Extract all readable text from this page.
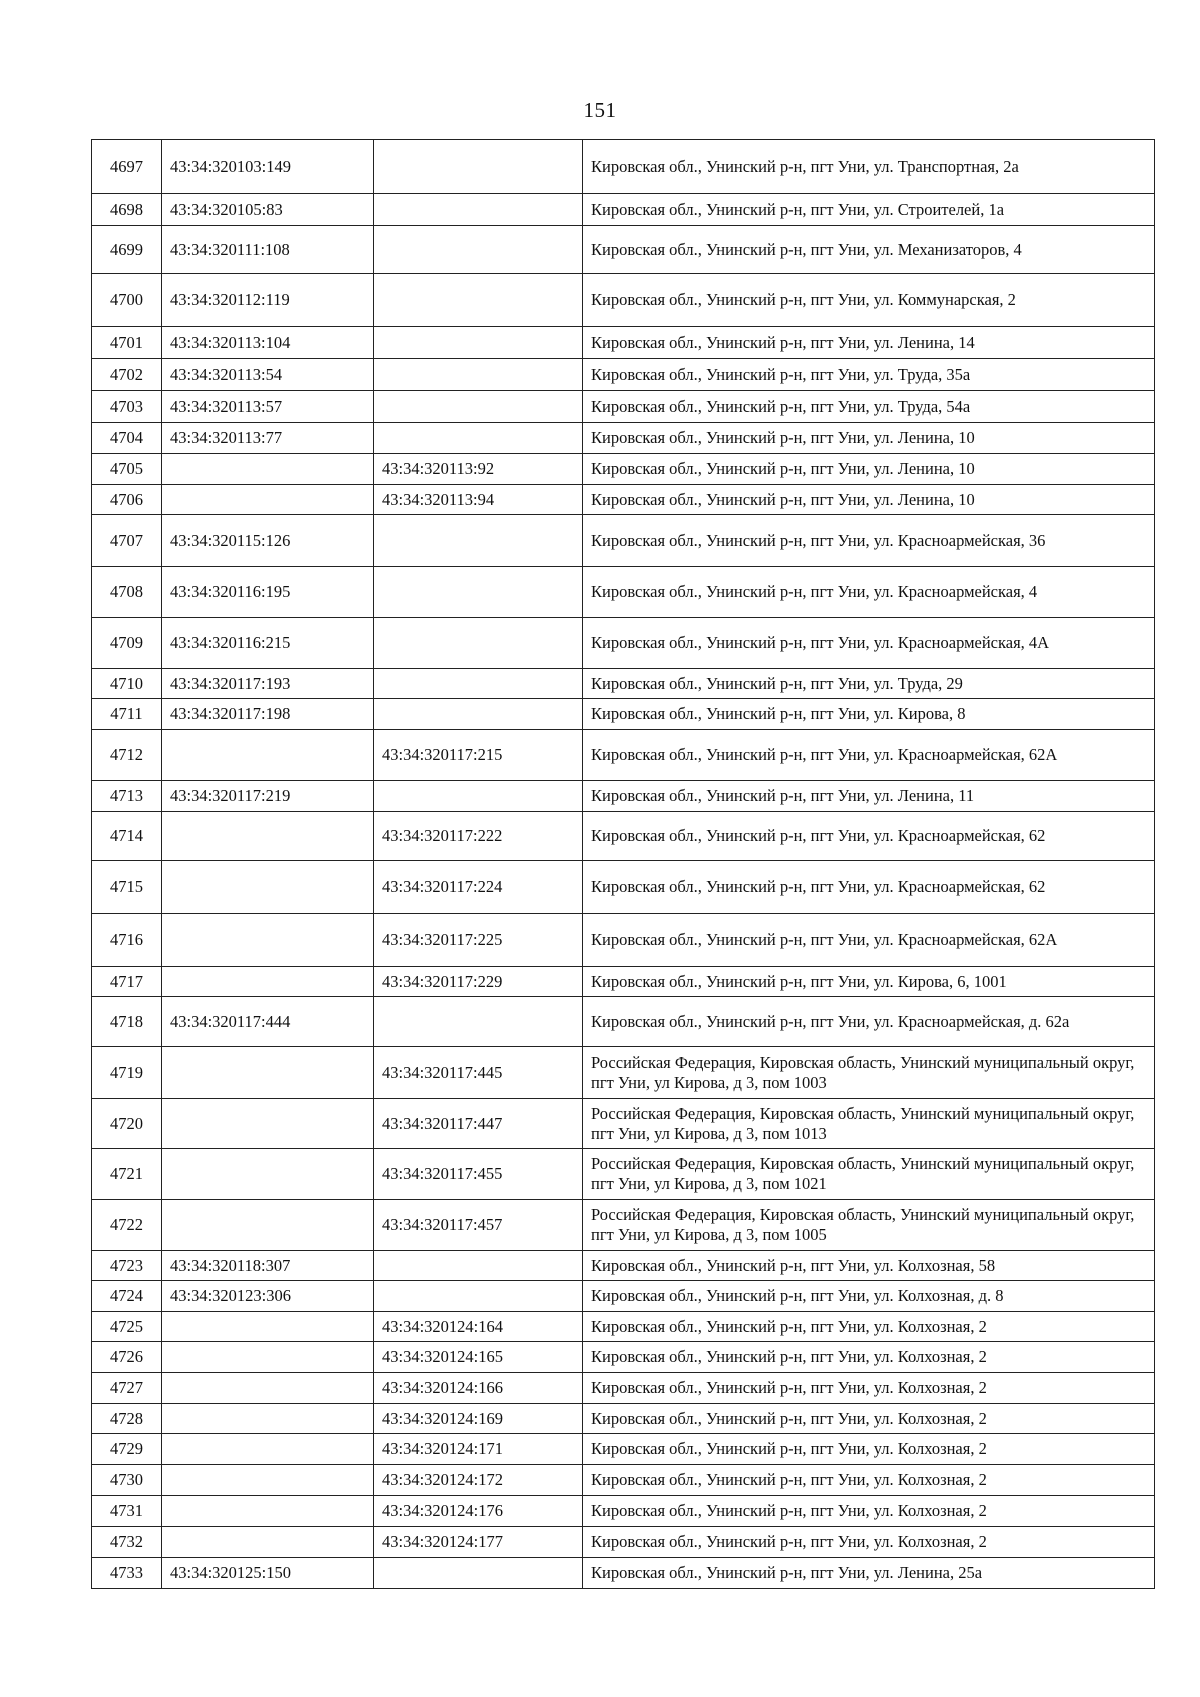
151
4697	43:34:320103:149		Кировская обл., Унинский р-н, пгт Уни, ул. Транспортная, 2а
4698	43:34:320105:83		Кировская обл., Унинский р-н, пгт Уни, ул. Строителей, 1а
4699	43:34:320111:108		Кировская обл., Унинский р-н, пгт Уни, ул. Механизаторов, 4
4700	43:34:320112:119		Кировская обл., Унинский р-н, пгт Уни, ул. Коммунарская, 2
4701	43:34:320113:104		Кировская обл., Унинский р-н, пгт Уни, ул. Ленина, 14
4702	43:34:320113:54		Кировская обл., Унинский р-н, пгт Уни, ул. Труда, 35а
4703	43:34:320113:57		Кировская обл., Унинский р-н, пгт Уни, ул. Труда, 54а
4704	43:34:320113:77		Кировская обл., Унинский р-н, пгт Уни, ул. Ленина, 10
4705		43:34:320113:92	Кировская обл., Унинский р-н, пгт Уни, ул. Ленина, 10
4706		43:34:320113:94	Кировская обл., Унинский р-н, пгт Уни, ул. Ленина, 10
4707	43:34:320115:126		Кировская обл., Унинский р-н, пгт Уни, ул. Красноармейская, 36
4708	43:34:320116:195		Кировская обл., Унинский р-н, пгт Уни, ул. Красноармейская, 4
4709	43:34:320116:215		Кировская обл., Унинский р-н, пгт Уни, ул. Красноармейская, 4А
4710	43:34:320117:193		Кировская обл., Унинский р-н, пгт Уни, ул. Труда, 29
4711	43:34:320117:198		Кировская обл., Унинский р-н, пгт Уни, ул. Кирова, 8
4712		43:34:320117:215	Кировская обл., Унинский р-н, пгт Уни, ул. Красноармейская, 62А
4713	43:34:320117:219		Кировская обл., Унинский р-н, пгт Уни, ул. Ленина, 11
4714		43:34:320117:222	Кировская обл., Унинский р-н, пгт Уни, ул. Красноармейская, 62
4715		43:34:320117:224	Кировская обл., Унинский р-н, пгт Уни, ул. Красноармейская, 62
4716		43:34:320117:225	Кировская обл., Унинский р-н, пгт Уни, ул. Красноармейская, 62А
4717		43:34:320117:229	Кировская обл., Унинский р-н, пгт Уни, ул. Кирова, 6, 1001
4718	43:34:320117:444		Кировская обл., Унинский р-н, пгт Уни, ул. Красноармейская, д. 62а
4719		43:34:320117:445	Российская Федерация, Кировская область, Унинский муниципальный округ, пгт Уни, ул Кирова, д 3, пом 1003
4720		43:34:320117:447	Российская Федерация, Кировская область, Унинский муниципальный округ, пгт Уни, ул Кирова, д 3, пом 1013
4721		43:34:320117:455	Российская Федерация, Кировская область, Унинский муниципальный округ, пгт Уни, ул Кирова, д 3, пом 1021
4722		43:34:320117:457	Российская Федерация, Кировская область, Унинский муниципальный округ, пгт Уни, ул Кирова, д 3, пом 1005
4723	43:34:320118:307		Кировская обл., Унинский р-н, пгт Уни, ул. Колхозная, 58
4724	43:34:320123:306		Кировская обл., Унинский р-н, пгт Уни, ул. Колхозная, д. 8
4725		43:34:320124:164	Кировская обл., Унинский р-н, пгт Уни, ул. Колхозная, 2
4726		43:34:320124:165	Кировская обл., Унинский р-н, пгт Уни, ул. Колхозная, 2
4727		43:34:320124:166	Кировская обл., Унинский р-н, пгт Уни, ул. Колхозная, 2
4728		43:34:320124:169	Кировская обл., Унинский р-н, пгт Уни, ул. Колхозная, 2
4729		43:34:320124:171	Кировская обл., Унинский р-н, пгт Уни, ул. Колхозная, 2
4730		43:34:320124:172	Кировская обл., Унинский р-н, пгт Уни, ул. Колхозная, 2
4731		43:34:320124:176	Кировская обл., Унинский р-н, пгт Уни, ул. Колхозная, 2
4732		43:34:320124:177	Кировская обл., Унинский р-н, пгт Уни, ул. Колхозная, 2
4733	43:34:320125:150		Кировская обл., Унинский р-н, пгт Уни, ул. Ленина, 25а
